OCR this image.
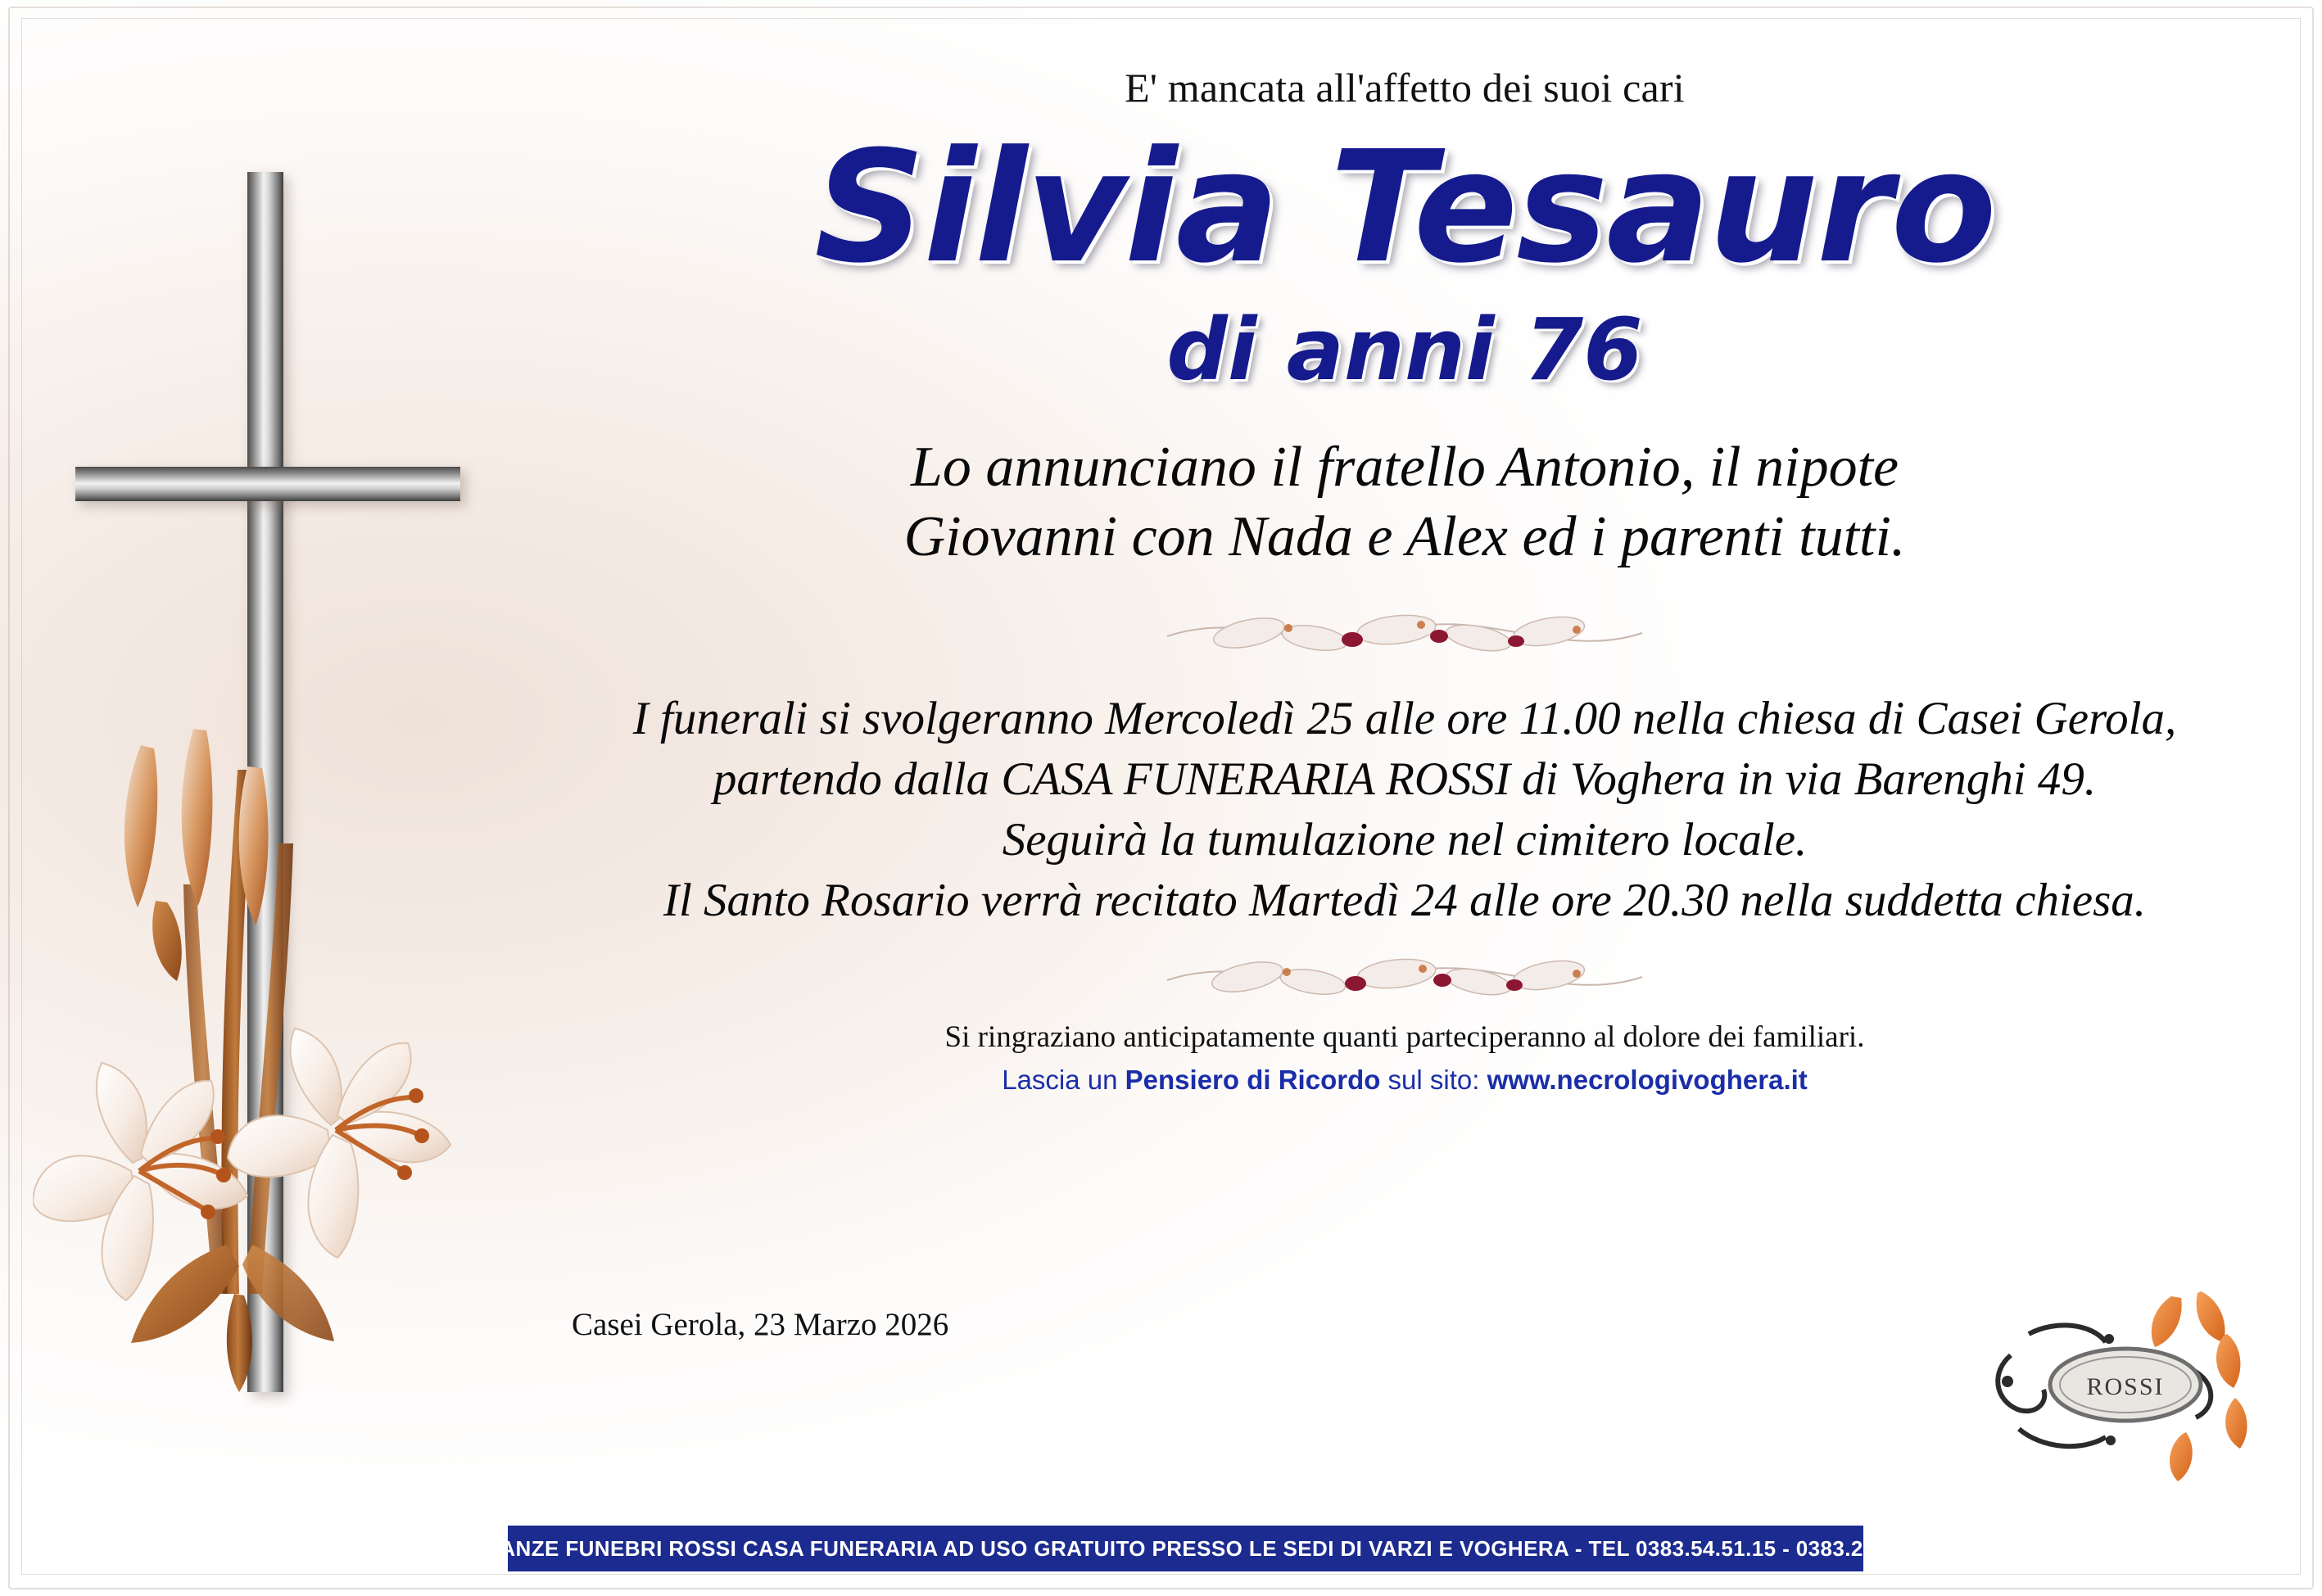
E' mancata all'affetto dei suoi cari
Silvia Tesauro
di anni 76
Lo annunciano il fratello Antonio, il nipote
Giovanni con Nada e Alex ed i parenti tutti.
I funerali si svolgeranno Mercoledì 25 alle ore 11.00 nella chiesa di Casei Gerola,
partendo dalla CASA FUNERARIA ROSSI di Voghera in via Barenghi 49.
Seguirà la tumulazione nel cimitero locale.
Il Santo Rosario verrà recitato Martedì 24 alle ore 20.30 nella suddetta chiesa.
Casei Gerola, 23 Marzo 2026
Si ringraziano anticipatamente quanti parteciperanno al dolore dei familiari.
Lascia un Pensiero di Ricordo sul sito: www.necrologivoghera.it
ROSSI
ONORANZE FUNEBRI ROSSI CASA FUNERARIA AD USO GRATUITO PRESSO LE SEDI DI VARZI E VOGHERA - TEL 0383.54.51.15 - 0383.21.28.64
